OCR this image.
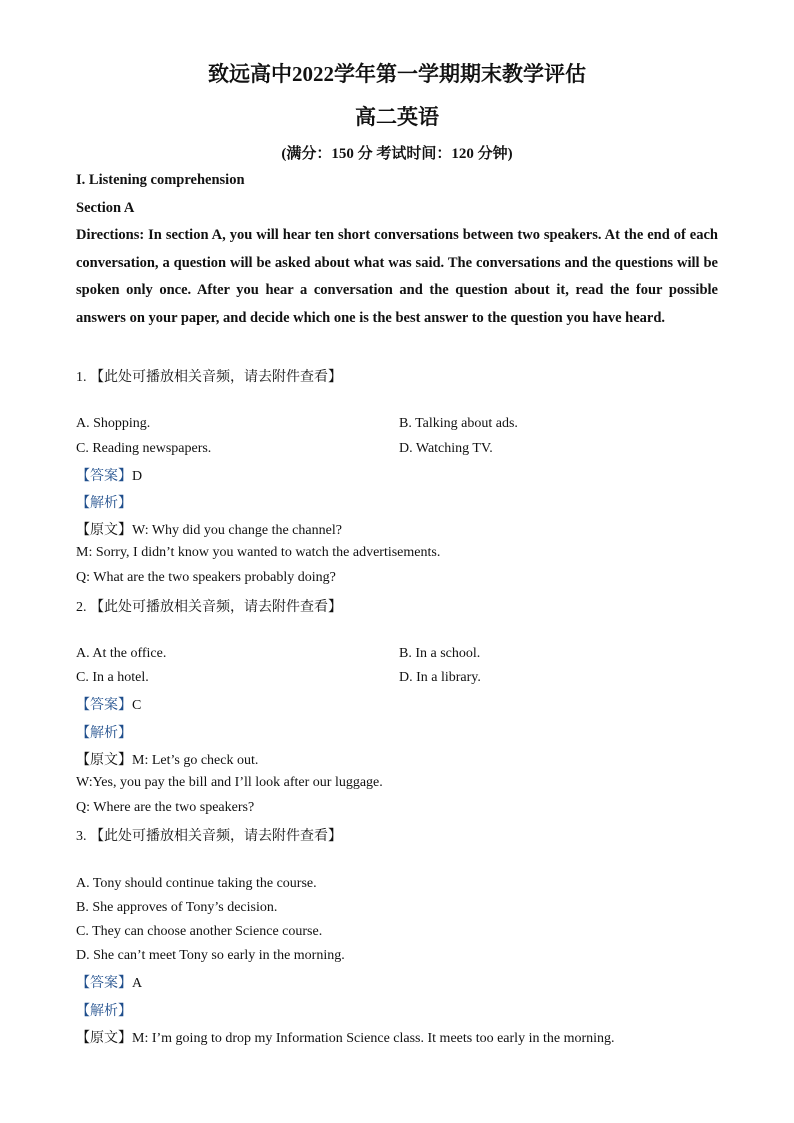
致远高中2022学年第一学期期末教学评估
高二英语
(满分：150 分 考试时间：120 分钟)
I. Listening comprehension
Section A
Directions: In section A, you will hear ten short conversations between two speakers. At the end of each conversation, a question will be asked about what was said. The conversations and the questions will be spoken only once. After you hear a conversation and the question about it, read the four possible answers on your paper, and decide which one is the best answer to the question you have heard.
1. 【此处可播放相关音频，请去附件查看】
A. Shopping.	B. Talking about ads.
C. Reading newspapers.	D. Watching TV.
【答案】D
【解析】
【原文】W: Why did you change the channel?
M: Sorry, I didn’t know you wanted to watch the advertisements.
Q: What are the two speakers probably doing?
2. 【此处可播放相关音频，请去附件查看】
A. At the office.	B. In a school.
C. In a hotel.	D. In a library.
【答案】C
【解析】
【原文】M: Let’s go check out.
W:Yes, you pay the bill and I’ll look after our luggage.
Q: Where are the two speakers?
3. 【此处可播放相关音频，请去附件查看】
A. Tony should continue taking the course.
B. She approves of Tony’s decision.
C. They can choose another Science course.
D. She can’t meet Tony so early in the morning.
【答案】A
【解析】
【原文】M: I’m going to drop my Information Science class. It meets too early in the morning.
